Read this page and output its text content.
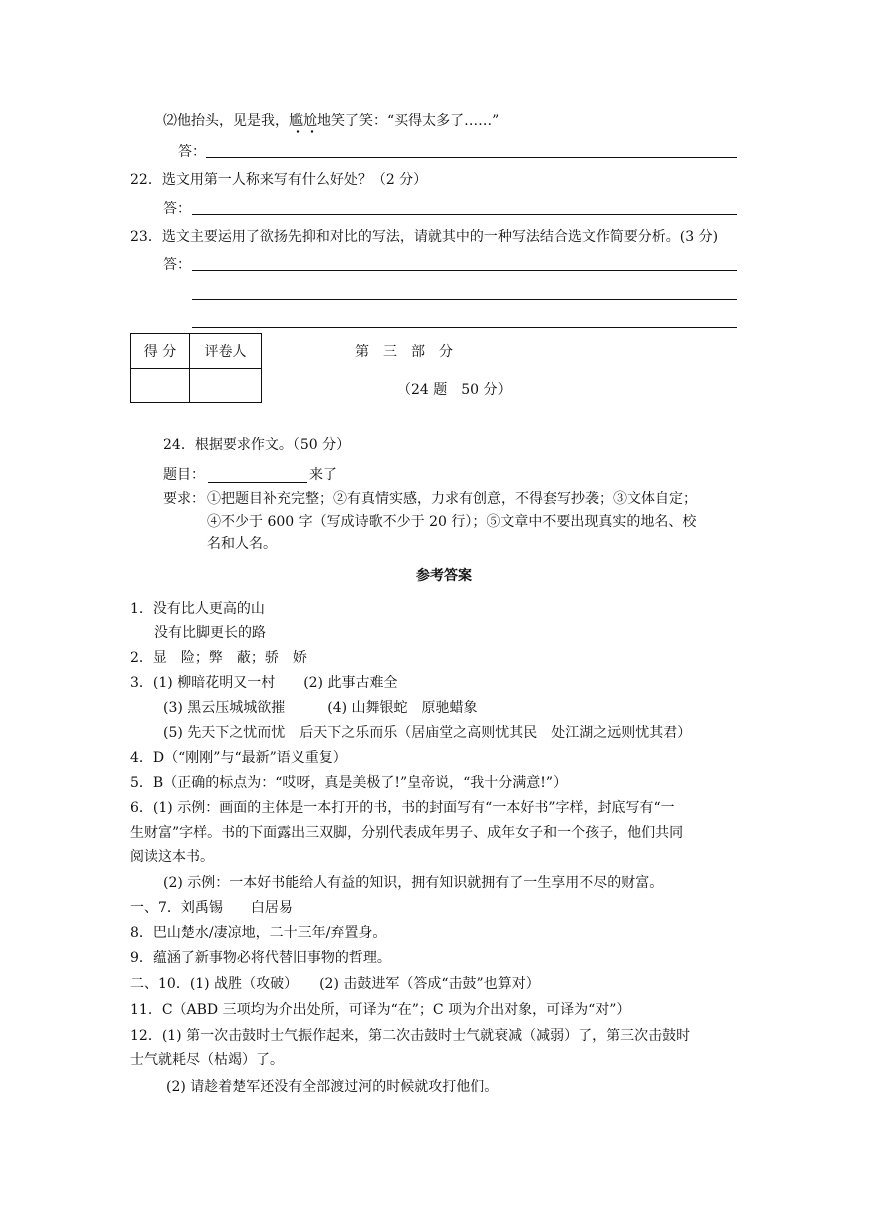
⑵他抬头，见是我，尴尬地笑了笑：“买得太多了……”
答：
22．选文用第一人称来写有什么好处？（2 分）
答：
23．选文主要运用了欲扬先抑和对比的写法，请就其中的一种写法结合选文作简要分析。(3 分)
答：
得 分	评卷人
		第　三　部　分
（24 题　50 分）
24．根据要求作文。（50 分）
题目：	来了
要求： ①把题目补充完整；②有真情实感，力求有创意，不得套写抄袭；③文体自定；
④不少于 600 字（写成诗歌不少于 20 行）；⑤文章中不要出现真实的地名、校
名和人名。
参考答案
1．没有比人更高的山
没有比脚更长的路
2．显　险；弊　蔽；骄　娇
3．(1) 柳暗花明又一村　　(2) 此事古难全
(3) 黑云压城城欲摧　　　(4) 山舞银蛇　原驰蜡象
(5) 先天下之忧而忧　后天下之乐而乐（居庙堂之高则忧其民　处江湖之远则忧其君）
4．D（“刚刚”与“最新”语义重复）
5．B（正确的标点为：“哎呀，真是美极了!”皇帝说，“我十分满意!”）
6．(1) 示例：画面的主体是一本打开的书，书的封面写有“一本好书”字样，封底写有“一
生财富”字样。书的下面露出三双脚，分别代表成年男子、成年女子和一个孩子，他们共同
阅读这本书。
(2) 示例：一本好书能给人有益的知识，拥有知识就拥有了一生享用不尽的财富。
一、7．刘禹锡　　白居易
8．巴山楚水/凄凉地，二十三年/弃置身。
9．蕴涵了新事物必将代替旧事物的哲理。
二、10．(1) 战胜（攻破）　　(2) 击鼓进军（答成“击鼓”也算对）
11．C（ABD 三项均为介出处所，可译为“在”；C 项为介出对象，可译为“对”）
12．(1) 第一次击鼓时士气振作起来，第二次击鼓时士气就衰减（减弱）了，第三次击鼓时
士气就耗尽（枯竭）了。
(2) 请趁着楚军还没有全部渡过河的时候就攻打他们。
